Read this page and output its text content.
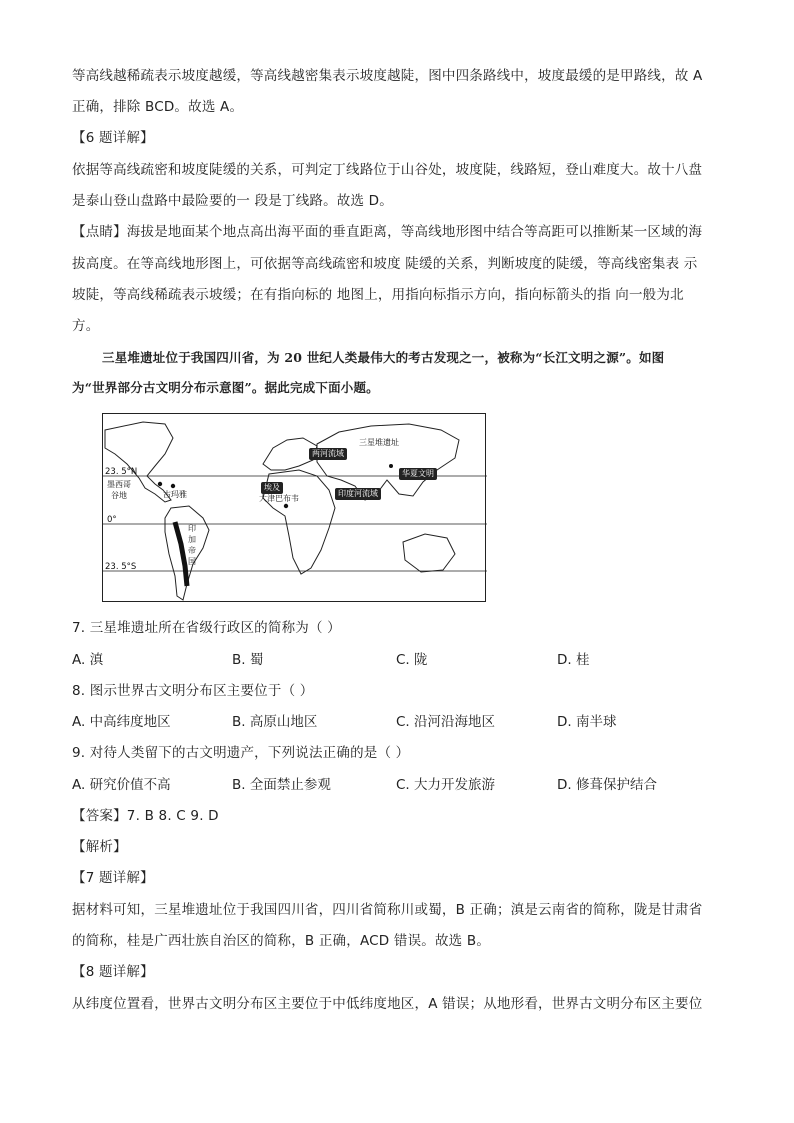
等高线越稀疏表示坡度越缓，等高线越密集表示坡度越陡，图中四条路线中，坡度最缓的是甲路线，故 A
正确，排除 BCD。故选 A。
【6 题详解】
依据等高线疏密和坡度陡缓的关系，可判定丁线路位于山谷处，坡度陡，线路短，登山难度大。故十八盘
是泰山登山盘路中最险要的一 段是丁线路。故选 D。
【点睛】海拔是地面某个地点高出海平面的垂直距离，等高线地形图中结合等高距可以推断某一区域的海
拔高度。在等高线地形图上，可依据等高线疏密和坡度 陡缓的关系，判断坡度的陡缓，等高线密集表 示
坡陡，等高线稀疏表示坡缓；在有指向标的 地图上，用指向标指示方向，指向标箭头的指 向一般为北
方。
三星堆遗址位于我国四川省，为 20 世纪人类最伟大的考古发现之一，被称为“长江文明之源”。如图
为“世界部分古文明分布示意图”。据此完成下面小题。
23. 5°N
0°
23. 5°S
墨西哥
谷地	古玛雅
印
加
帝
国
埃及
两河流域
三星堆遗址
华夏文明
印度河流域
大津巴布韦
7. 三星堆遗址所在省级行政区的简称为（ ）
A. 滇	B. 蜀	C. 陇	D. 桂
8. 图示世界古文明分布区主要位于（ ）
A. 中高纬度地区	B. 高原山地区	C. 沿河沿海地区	D. 南半球
9. 对待人类留下的古文明遗产，下列说法正确的是（ ）
A. 研究价值不高	B. 全面禁止参观	C. 大力开发旅游	D. 修葺保护结合
【答案】7. B 8. C 9. D
【解析】
【7 题详解】
据材料可知，三星堆遗址位于我国四川省，四川省简称川或蜀，B 正确；滇是云南省的简称，陇是甘肃省
的简称，桂是广西壮族自治区的简称，B 正确，ACD 错误。故选 B。
【8 题详解】
从纬度位置看，世界古文明分布区主要位于中低纬度地区，A 错误；从地形看，世界古文明分布区主要位
